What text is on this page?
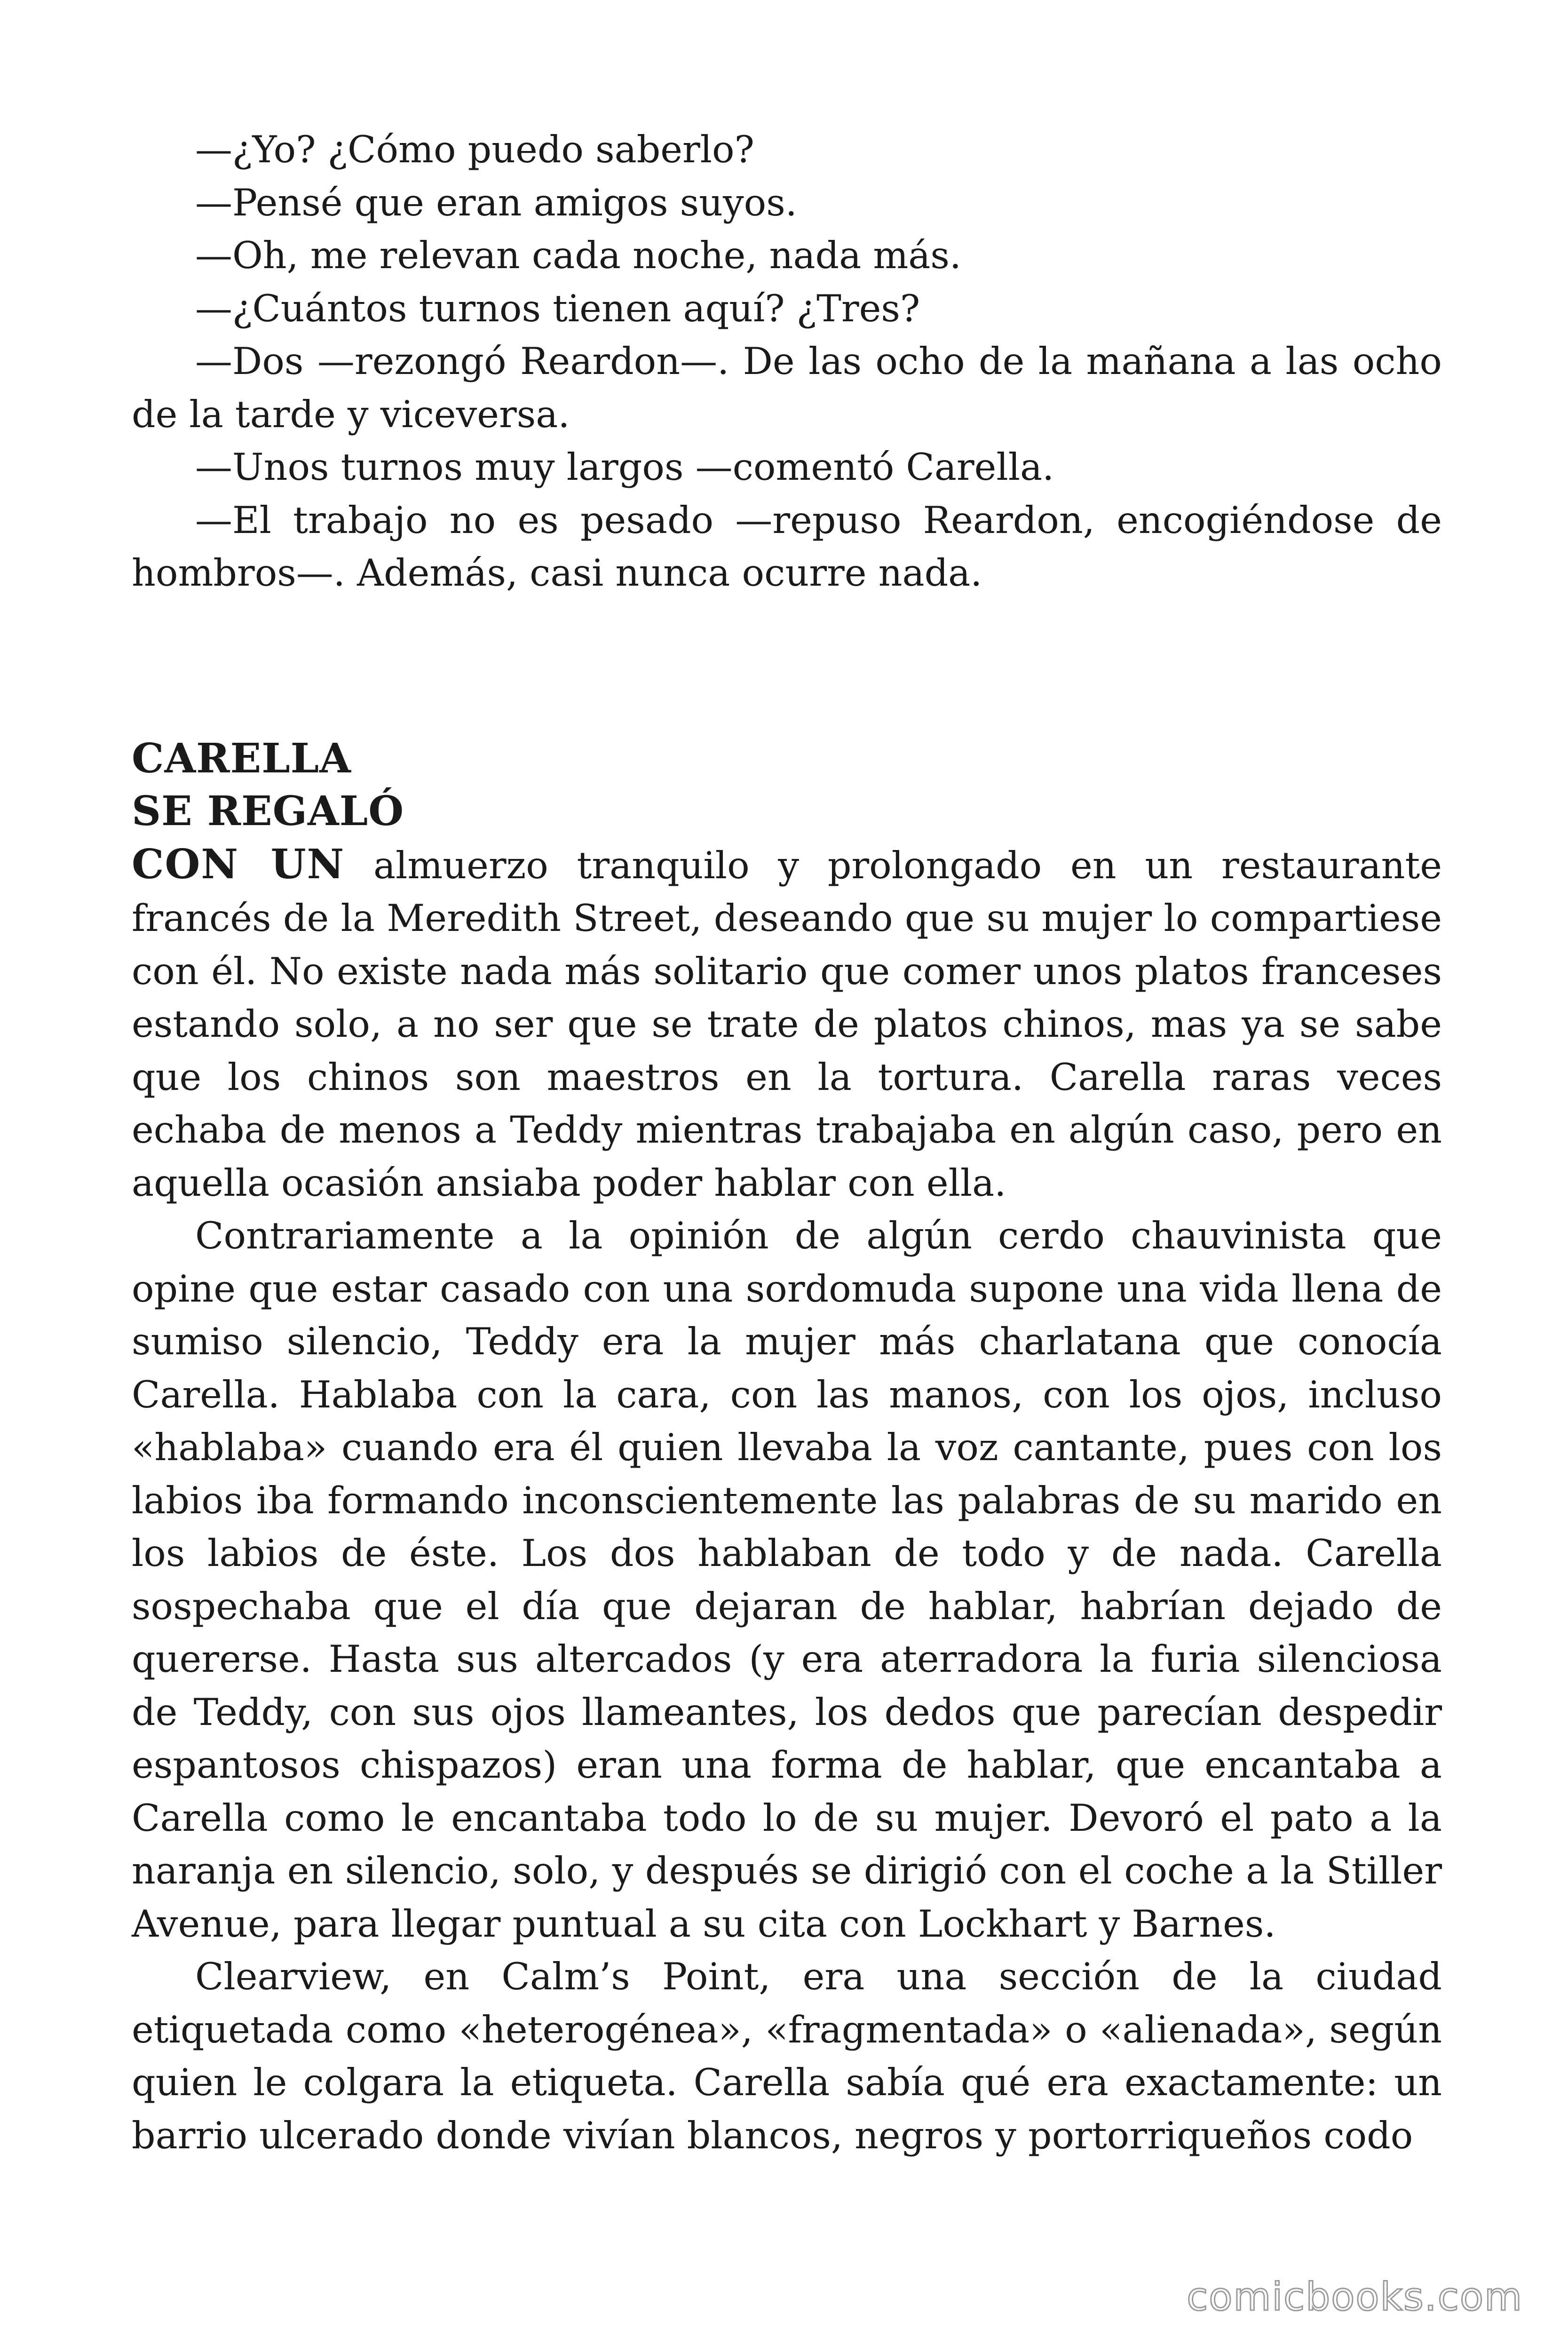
—¿Yo? ¿Cómo puedo saberlo?

—Pensé que eran amigos suyos.

—Oh, me relevan cada noche, nada más.

—¿Cuántos turnos tienen aquí? ¿Tres?

—Dos —rezongó Reardon—. De las ocho de la mañana a las ocho de la tarde y viceversa.

—Unos turnos muy largos —comentó Carella.

—El trabajo no es pesado —repuso Reardon, encogiéndose de hombros—. Además, casi nunca ocurre nada.

CARELLA

SE REGALÓ

CON UN almuerzo tranquilo y prolongado en un restaurante francés de la Meredith Street, deseando que su mujer lo compartiese con él. No existe nada más solitario que comer unos platos franceses estando solo, a no ser que se trate de platos chinos, mas ya se sabe que los chinos son maestros en la tortura. Carella raras veces echaba de menos a Teddy mientras trabajaba en algún caso, pero en aquella ocasión ansiaba poder hablar con ella.

Contrariamente a la opinión de algún cerdo chauvinista que opine que estar casado con una sordomuda supone una vida llena de sumiso silencio, Teddy era la mujer más charlatana que conocía Carella. Hablaba con la cara, con las manos, con los ojos, incluso «hablaba» cuando era él quien llevaba la voz cantante, pues con los labios iba formando inconscientemente las palabras de su marido en los labios de éste. Los dos hablaban de todo y de nada. Carella sospechaba que el día que dejaran de hablar, habrían dejado de quererse. Hasta sus altercados (y era aterradora la furia silenciosa de Teddy, con sus ojos llameantes, los dedos que parecían despedir espantosos chispazos) eran una forma de hablar, que encantaba a Carella como le encantaba todo lo de su mujer. Devoró el pato a la naranja en silencio, solo, y después se dirigió con el coche a la Stiller Avenue, para llegar puntual a su cita con Lockhart y Barnes.

Clearview, en Calm’s Point, era una sección de la ciudad etiquetada como «heterogénea», «fragmentada» o «alienada», según quien le colgara la etiqueta. Carella sabía qué era exactamente: un barrio ulcerado donde vivían blancos, negros y portorriqueños codo

comicbooks.com
